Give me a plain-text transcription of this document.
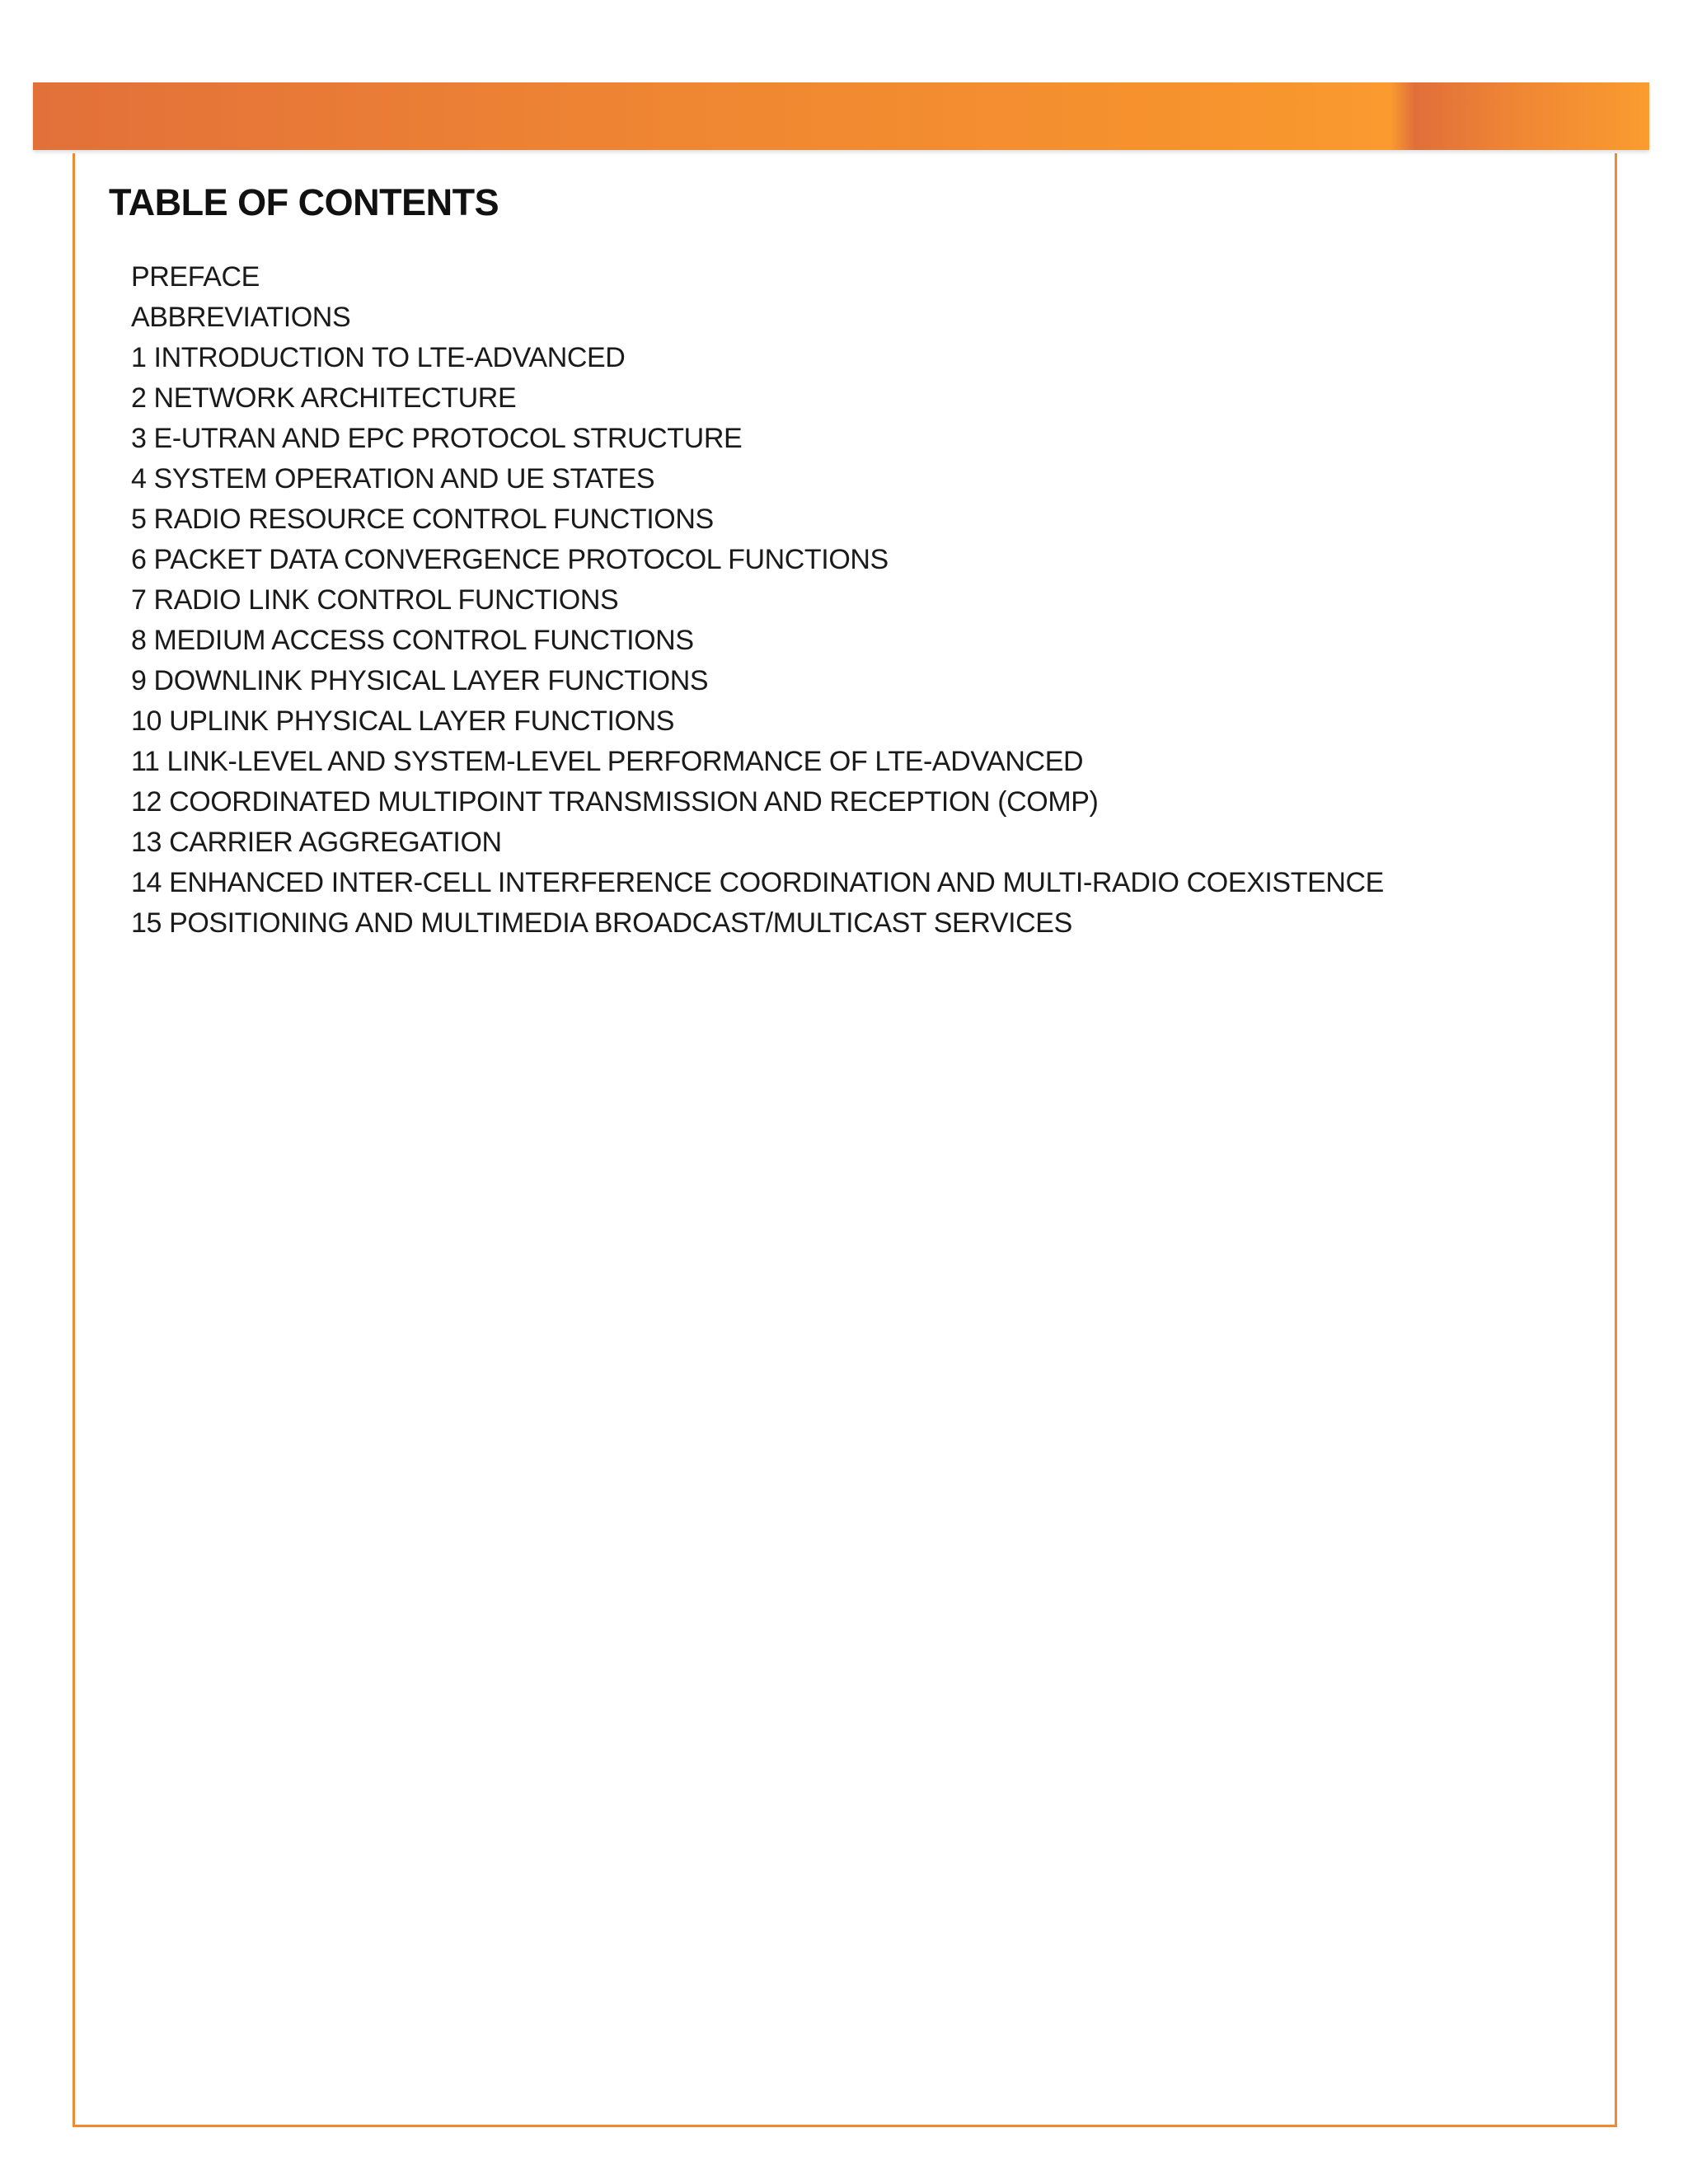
TABLE OF CONTENTS
PREFACE
ABBREVIATIONS
1 INTRODUCTION TO LTE-ADVANCED
2 NETWORK ARCHITECTURE
3 E-UTRAN AND EPC PROTOCOL STRUCTURE
4 SYSTEM OPERATION AND UE STATES
5 RADIO RESOURCE CONTROL FUNCTIONS
6 PACKET DATA CONVERGENCE PROTOCOL FUNCTIONS
7 RADIO LINK CONTROL FUNCTIONS
8 MEDIUM ACCESS CONTROL FUNCTIONS
9 DOWNLINK PHYSICAL LAYER FUNCTIONS
10 UPLINK PHYSICAL LAYER FUNCTIONS
11 LINK-LEVEL AND SYSTEM-LEVEL PERFORMANCE OF LTE-ADVANCED
12 COORDINATED MULTIPOINT TRANSMISSION AND RECEPTION (COMP)
13 CARRIER AGGREGATION
14 ENHANCED INTER-CELL INTERFERENCE COORDINATION AND MULTI-RADIO COEXISTENCE
15 POSITIONING AND MULTIMEDIA BROADCAST/MULTICAST SERVICES
